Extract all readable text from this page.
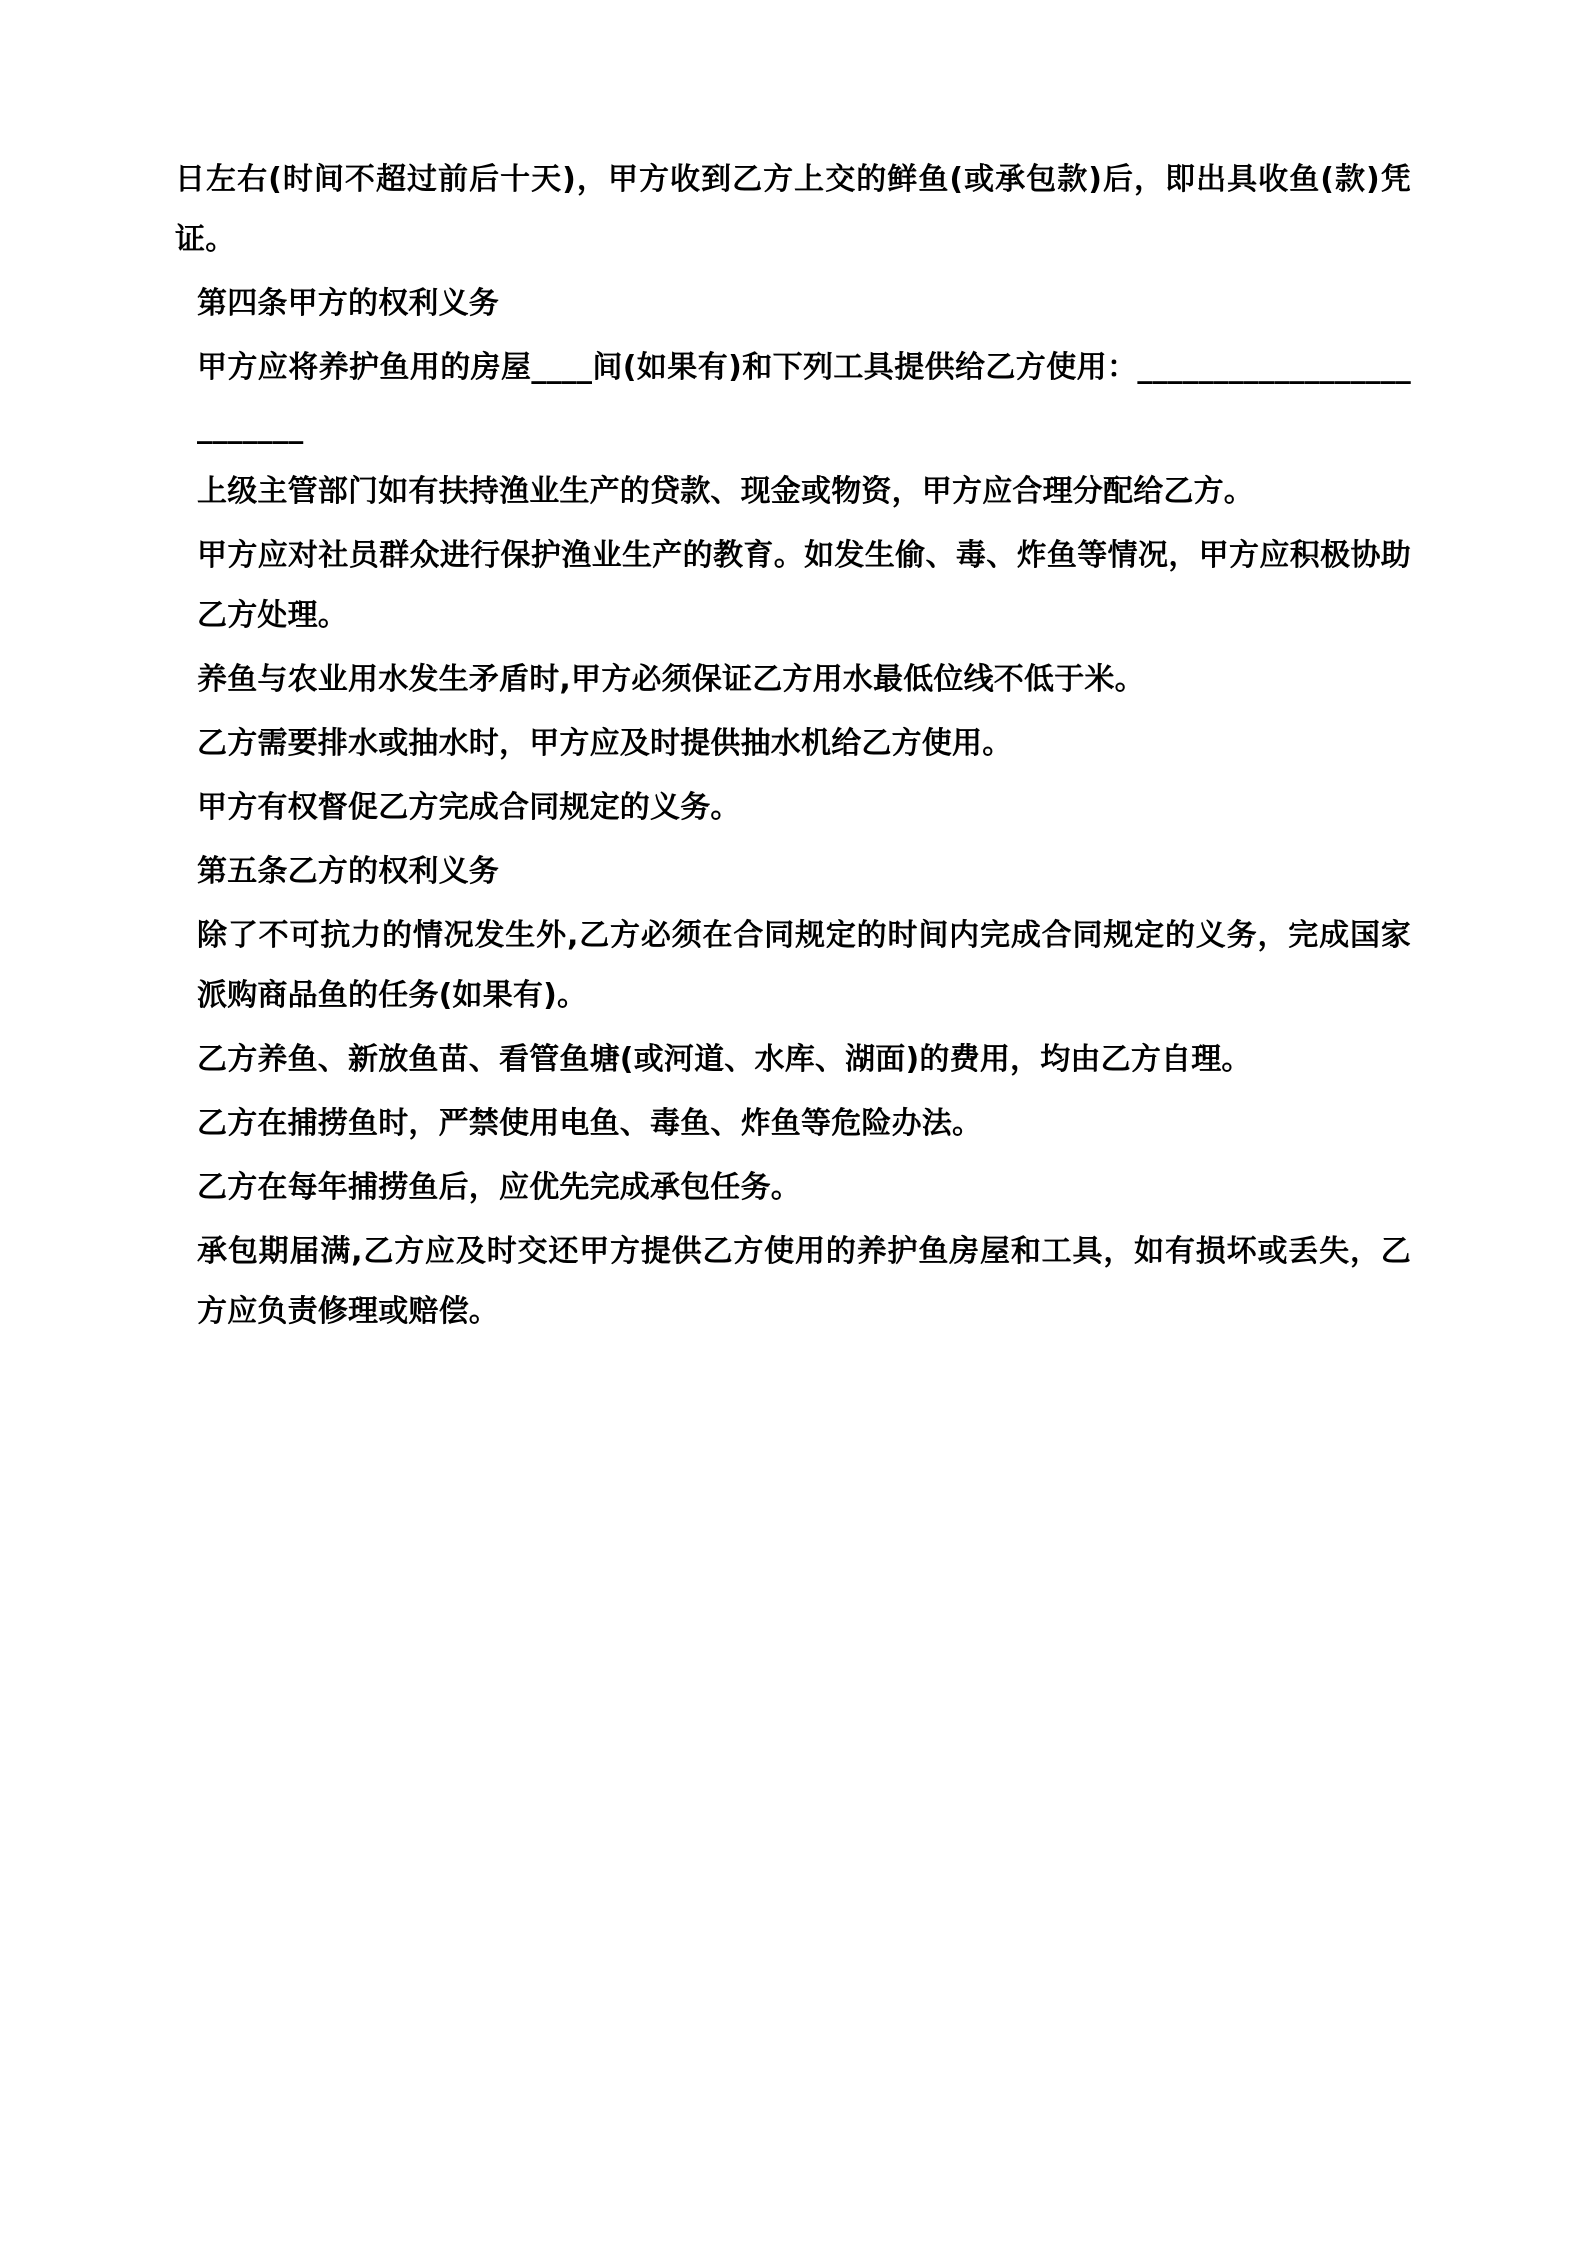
日左右(时间不超过前后十天)，甲方收到乙方上交的鲜鱼(或承包款)后，即出具收鱼(款)凭证。

第四条甲方的权利义务

甲方应将养护鱼用的房屋____间(如果有)和下列工具提供给乙方使用：_________________________

上级主管部门如有扶持渔业生产的贷款、现金或物资，甲方应合理分配给乙方。

甲方应对社员群众进行保护渔业生产的教育。如发生偷、毒、炸鱼等情况，甲方应积极协助乙方处理。

养鱼与农业用水发生矛盾时,甲方必须保证乙方用水最低位线不低于米。

乙方需要排水或抽水时，甲方应及时提供抽水机给乙方使用。

甲方有权督促乙方完成合同规定的义务。

第五条乙方的权利义务

除了不可抗力的情况发生外,乙方必须在合同规定的时间内完成合同规定的义务，完成国家派购商品鱼的任务(如果有)。

乙方养鱼、新放鱼苗、看管鱼塘(或河道、水库、湖面)的费用，均由乙方自理。

乙方在捕捞鱼时，严禁使用电鱼、毒鱼、炸鱼等危险办法。

乙方在每年捕捞鱼后，应优先完成承包任务。

承包期届满,乙方应及时交还甲方提供乙方使用的养护鱼房屋和工具，如有损坏或丢失，乙方应负责修理或赔偿。
